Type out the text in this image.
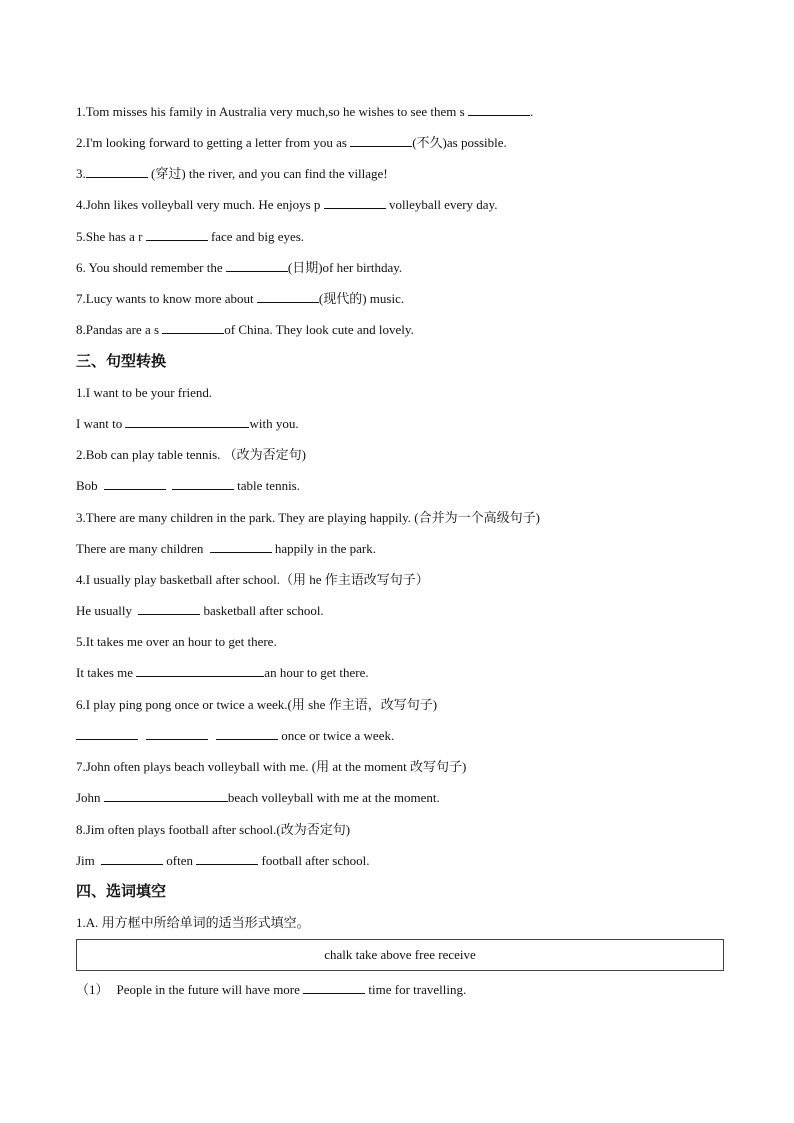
1.Tom misses his family in Australia very much,so he wishes to see them s	.
2.I'm looking forward to getting a letter from you as	(不久)as possible.
3.	(穿过) the river, and you can find the village!
4.John likes volleyball very much. He enjoys p	volleyball every day.
5.She has a r	face and big eyes.
6. You should remember the	(日期)of her birthday.
7.Lucy wants to know more about	(现代的) music.
8.Pandas are a s	of China. They look cute and lovely.
三、句型转换
1.I want to be your friend.
I want to	with you.
2.Bob can play table tennis. （改为否定句)
Bob	table tennis.
3.There are many children in the park. They are playing happily. (合并为一个高级句子)
There are many children	happily in the park.
4.I usually play basketball after school.（用 he 作主语改写句子）
He usually	basketball after school.
5.It takes me over an hour to get there.
It takes me	an hour to get there.
6.I play ping pong once or twice a week.(用 she 作主语，改写句子)
once or twice a week.
7.John often plays beach volleyball with me. (用 at the moment 改写句子)
John	beach volleyball with me at the moment.
8.Jim often plays football after school.(改为否定句)
Jim	often	football after school.
四、选词填空
1.A. 用方框中所给单词的适当形式填空。
chalk take above free receive
（1） People in the future will have more	time for travelling.
